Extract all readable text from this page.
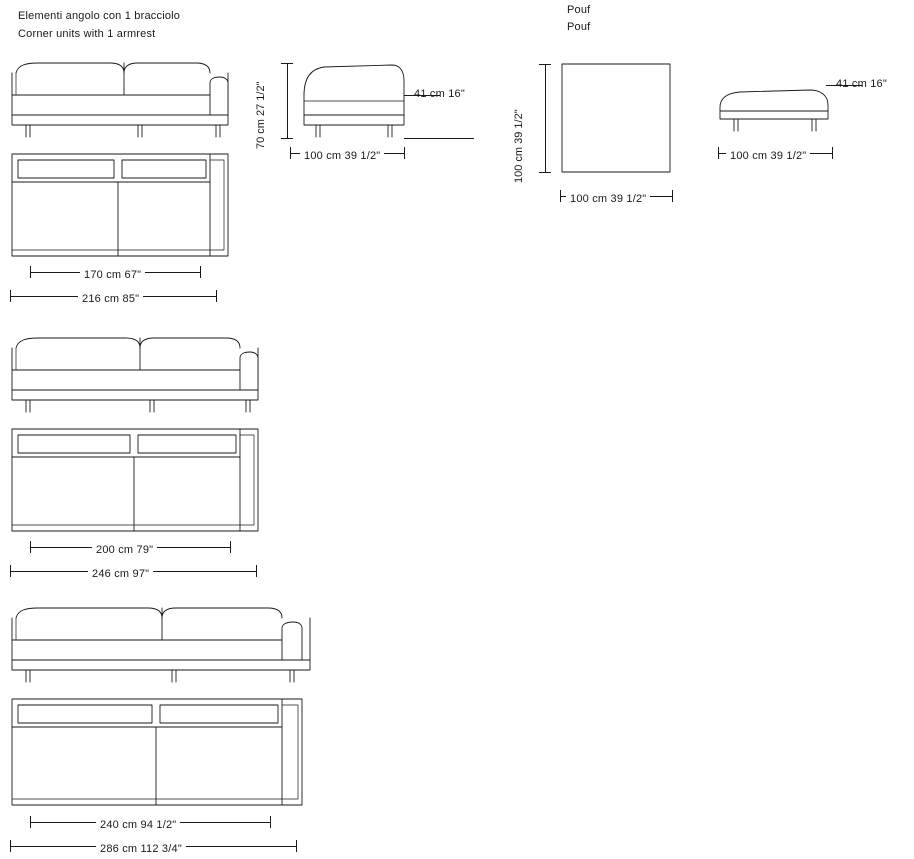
Elementi angolo con 1 bracciolo
Corner units with 1 armrest
Pouf
Pouf
170 cm 67"
216 cm 85"
200 cm 79"
246 cm 97"
240 cm 94 1/2"
286 cm 112 3/4"
70 cm 27 1/2"	41 cm 16"
100 cm 39 1/2"	100 cm 39 1/2"
100 cm 39 1/2"
41 cm 16"
100 cm 39 1/2"
